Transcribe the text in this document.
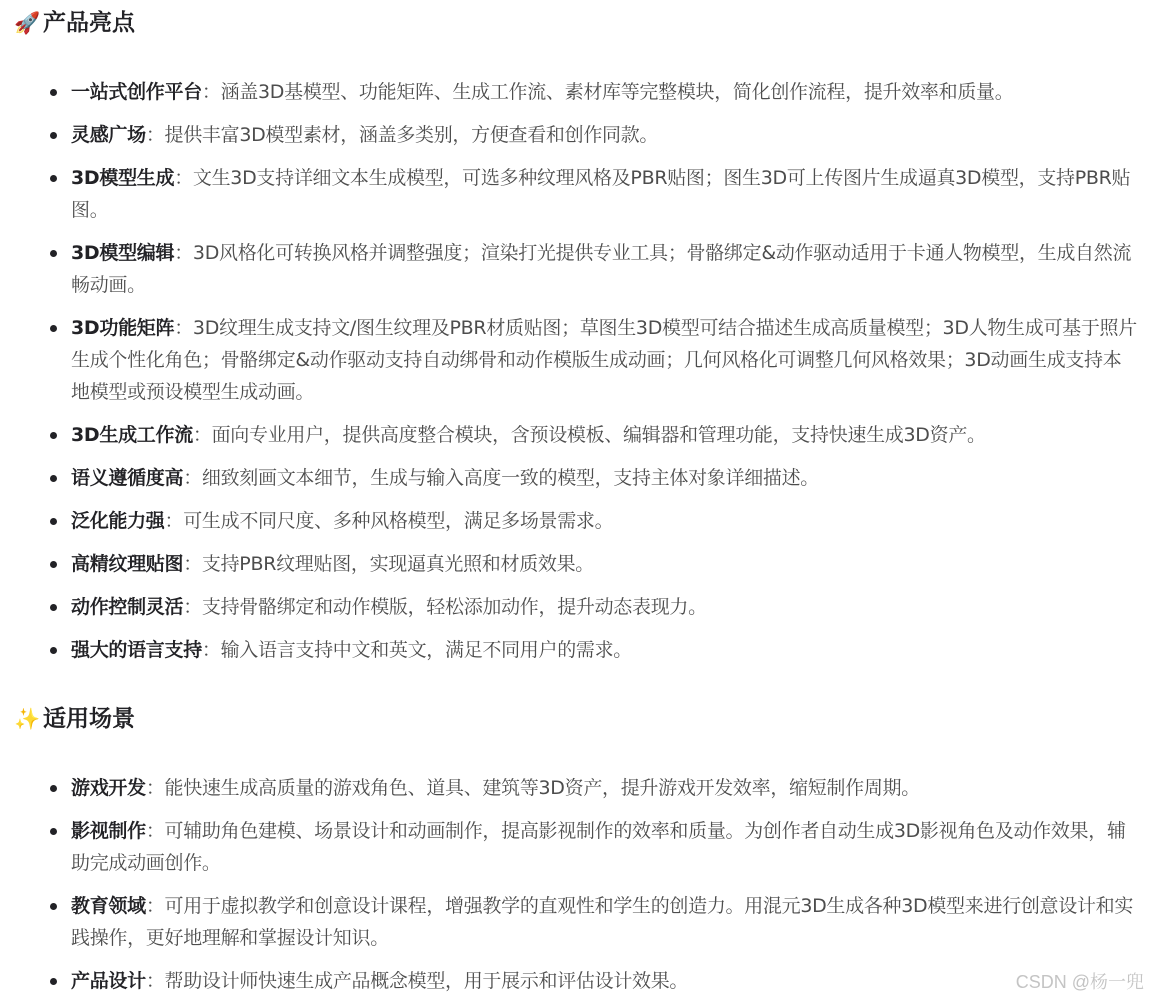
🚀 产品亮点
一站式创作平台：涵盖3D基模型、功能矩阵、生成工作流、素材库等完整模块，简化创作流程，提升效率和质量。
灵感广场：提供丰富3D模型素材，涵盖多类别，方便查看和创作同款。
3D模型生成：文生3D支持详细文本生成模型，可选多种纹理风格及PBR贴图；图生3D可上传图片生成逼真3D模型，支持PBR贴图。
3D模型编辑：3D风格化可转换风格并调整强度；渲染打光提供专业工具；骨骼绑定&动作驱动适用于卡通人物模型，生成自然流畅动画。
3D功能矩阵：3D纹理生成支持文/图生纹理及PBR材质贴图；草图生3D模型可结合描述生成高质量模型；3D人物生成可基于照片生成个性化角色；骨骼绑定&动作驱动支持自动绑骨和动作模版生成动画；几何风格化可调整几何风格效果；3D动画生成支持本地模型或预设模型生成动画。
3D生成工作流：面向专业用户，提供高度整合模块，含预设模板、编辑器和管理功能，支持快速生成3D资产。
语义遵循度高：细致刻画文本细节，生成与输入高度一致的模型，支持主体对象详细描述。
泛化能力强：可生成不同尺度、多种风格模型，满足多场景需求。
高精纹理贴图：支持PBR纹理贴图，实现逼真光照和材质效果。
动作控制灵活：支持骨骼绑定和动作模版，轻松添加动作，提升动态表现力。
强大的语言支持：输入语言支持中文和英文，满足不同用户的需求。
✨ 适用场景
游戏开发：能快速生成高质量的游戏角色、道具、建筑等3D资产，提升游戏开发效率，缩短制作周期。
影视制作：可辅助角色建模、场景设计和动画制作，提高影视制作的效率和质量。为创作者自动生成3D影视角色及动作效果，辅助完成动画创作。
教育领域：可用于虚拟教学和创意设计课程，增强教学的直观性和学生的创造力。用混元3D生成各种3D模型来进行创意设计和实践操作，更好地理解和掌握设计知识。
产品设计：帮助设计师快速生成产品概念模型，用于展示和评估设计效果。	CSDN @杨一兜
